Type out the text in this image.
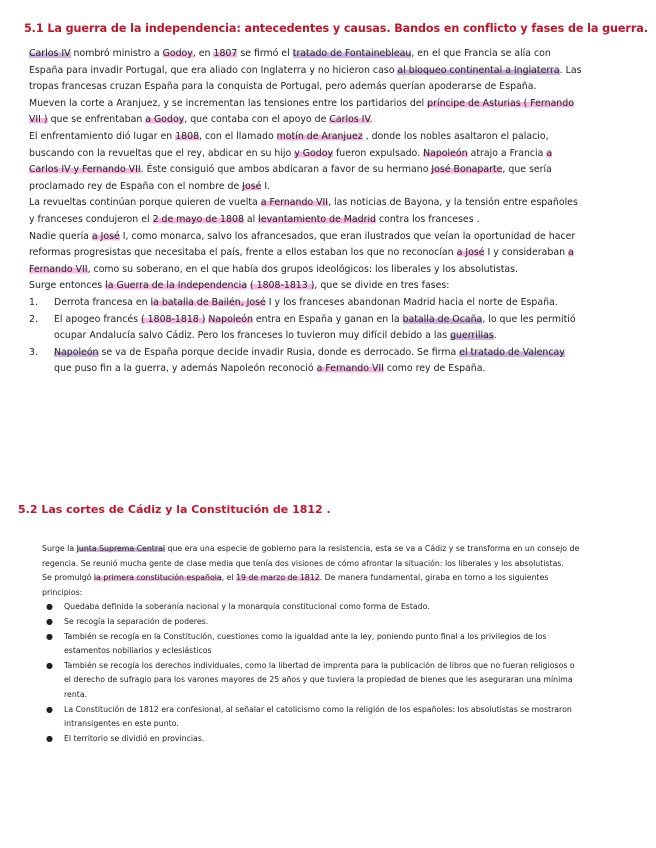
5.1 La guerra de la independencia: antecedentes y causas. Bandos en conflicto y fases de la guerra.

Carlos IV nombró ministro a Godoy, en 1807 se firmó el tratado de Fontainebleau, en el que Francia se alía con España para invadir Portugal, que era aliado con Inglaterra y no hicieron caso al bloqueo continental a Inglaterra. Las tropas francesas cruzan España para la conquista de Portugal, pero además querían apoderarse de España.

Mueven la corte a Aranjuez, y se incrementan las tensiones entre los partidarios del príncipe de Asturias ( Fernando VII ) que se enfrentaban a Godoy, que contaba con el apoyo de Carlos IV.

El enfrentamiento dió lugar en 1808, con el llamado motín de Aranjuez , donde los nobles asaltaron el palacio, buscando con la revueltas que el rey, abdicar en su hijo y Godoy fueron expulsado. Napoleón atrajo a Francia a Carlos IV y Fernando VII. Éste consiguió que ambos abdicaran a favor de su hermano José Bonaparte, que sería proclamado rey de España con el nombre de José I.

La revueltas continúan porque quieren de vuelta a Fernando VII, las noticias de Bayona, y la tensión entre españoles y franceses condujeron el 2 de mayo de 1808 al levantamiento de Madrid contra los franceses .

Nadie quería a José I, como monarca, salvo los afrancesados, que eran ilustrados que veían la oportunidad de hacer reformas progresistas que necesitaba el país, frente a ellos estaban los que no reconocían a José I y consideraban a Fernando VII, como su soberano, en el que había dos grupos ideológicos: los liberales y los absolutistas.

Surge entonces la Guerra de la Independencia ( 1808-1813 ), que se divide en tres fases:

1. Derrota francesa en la batalla de Bailén, José I y los franceses abandonan Madrid hacia el norte de España.
2. El apogeo francés ( 1808-1818 ) Napoleón entra en España y ganan en la batalla de Ocaña, lo que les permitió ocupar Andalucía salvo Cádiz. Pero los franceses lo tuvieron muy difícil debido a las guerrillas.
3. Napoleón se va de España porque decide invadir Rusia, donde es derrocado. Se firma el tratado de Valencay que puso fin a la guerra, y además Napoleón reconoció a Fernando VII como rey de España.
5.2 Las cortes de Cádiz y la Constitución de 1812 .

Surge la Junta Suprema Central que era una especie de gobierno para la resistencia, esta se va a Cádiz y se transforma en un consejo de regencia. Se reunió mucha gente de clase media que tenía dos visiones de cómo afrontar la situación: los liberales y los absolutistas.

Se promulgó la primera constitución española, el 19 de marzo de 1812. De manera fundamental, giraba en torno a los siguientes principios:

● Quedaba definida la soberanía nacional y la monarquía constitucional como forma de Estado.
● Se recogía la separación de poderes.
● También se recogía en la Constitución, cuestiones como la igualdad ante la ley, poniendo punto final a los privilegios de los estamentos nobiliarios y eclesiásticos
● También se recogía los derechos individuales, como la libertad de imprenta para la publicación de libros que no fueran religiosos o el derecho de sufragio para los varones mayores de 25 años y que tuviera la propiedad de bienes que les aseguraran una mínima renta.
● La Constitución de 1812 era confesional, al señalar el catolicismo como la religión de los españoles: los absolutistas se mostraron intransigentes en este punto.
● El territorio se dividió en provincias.
